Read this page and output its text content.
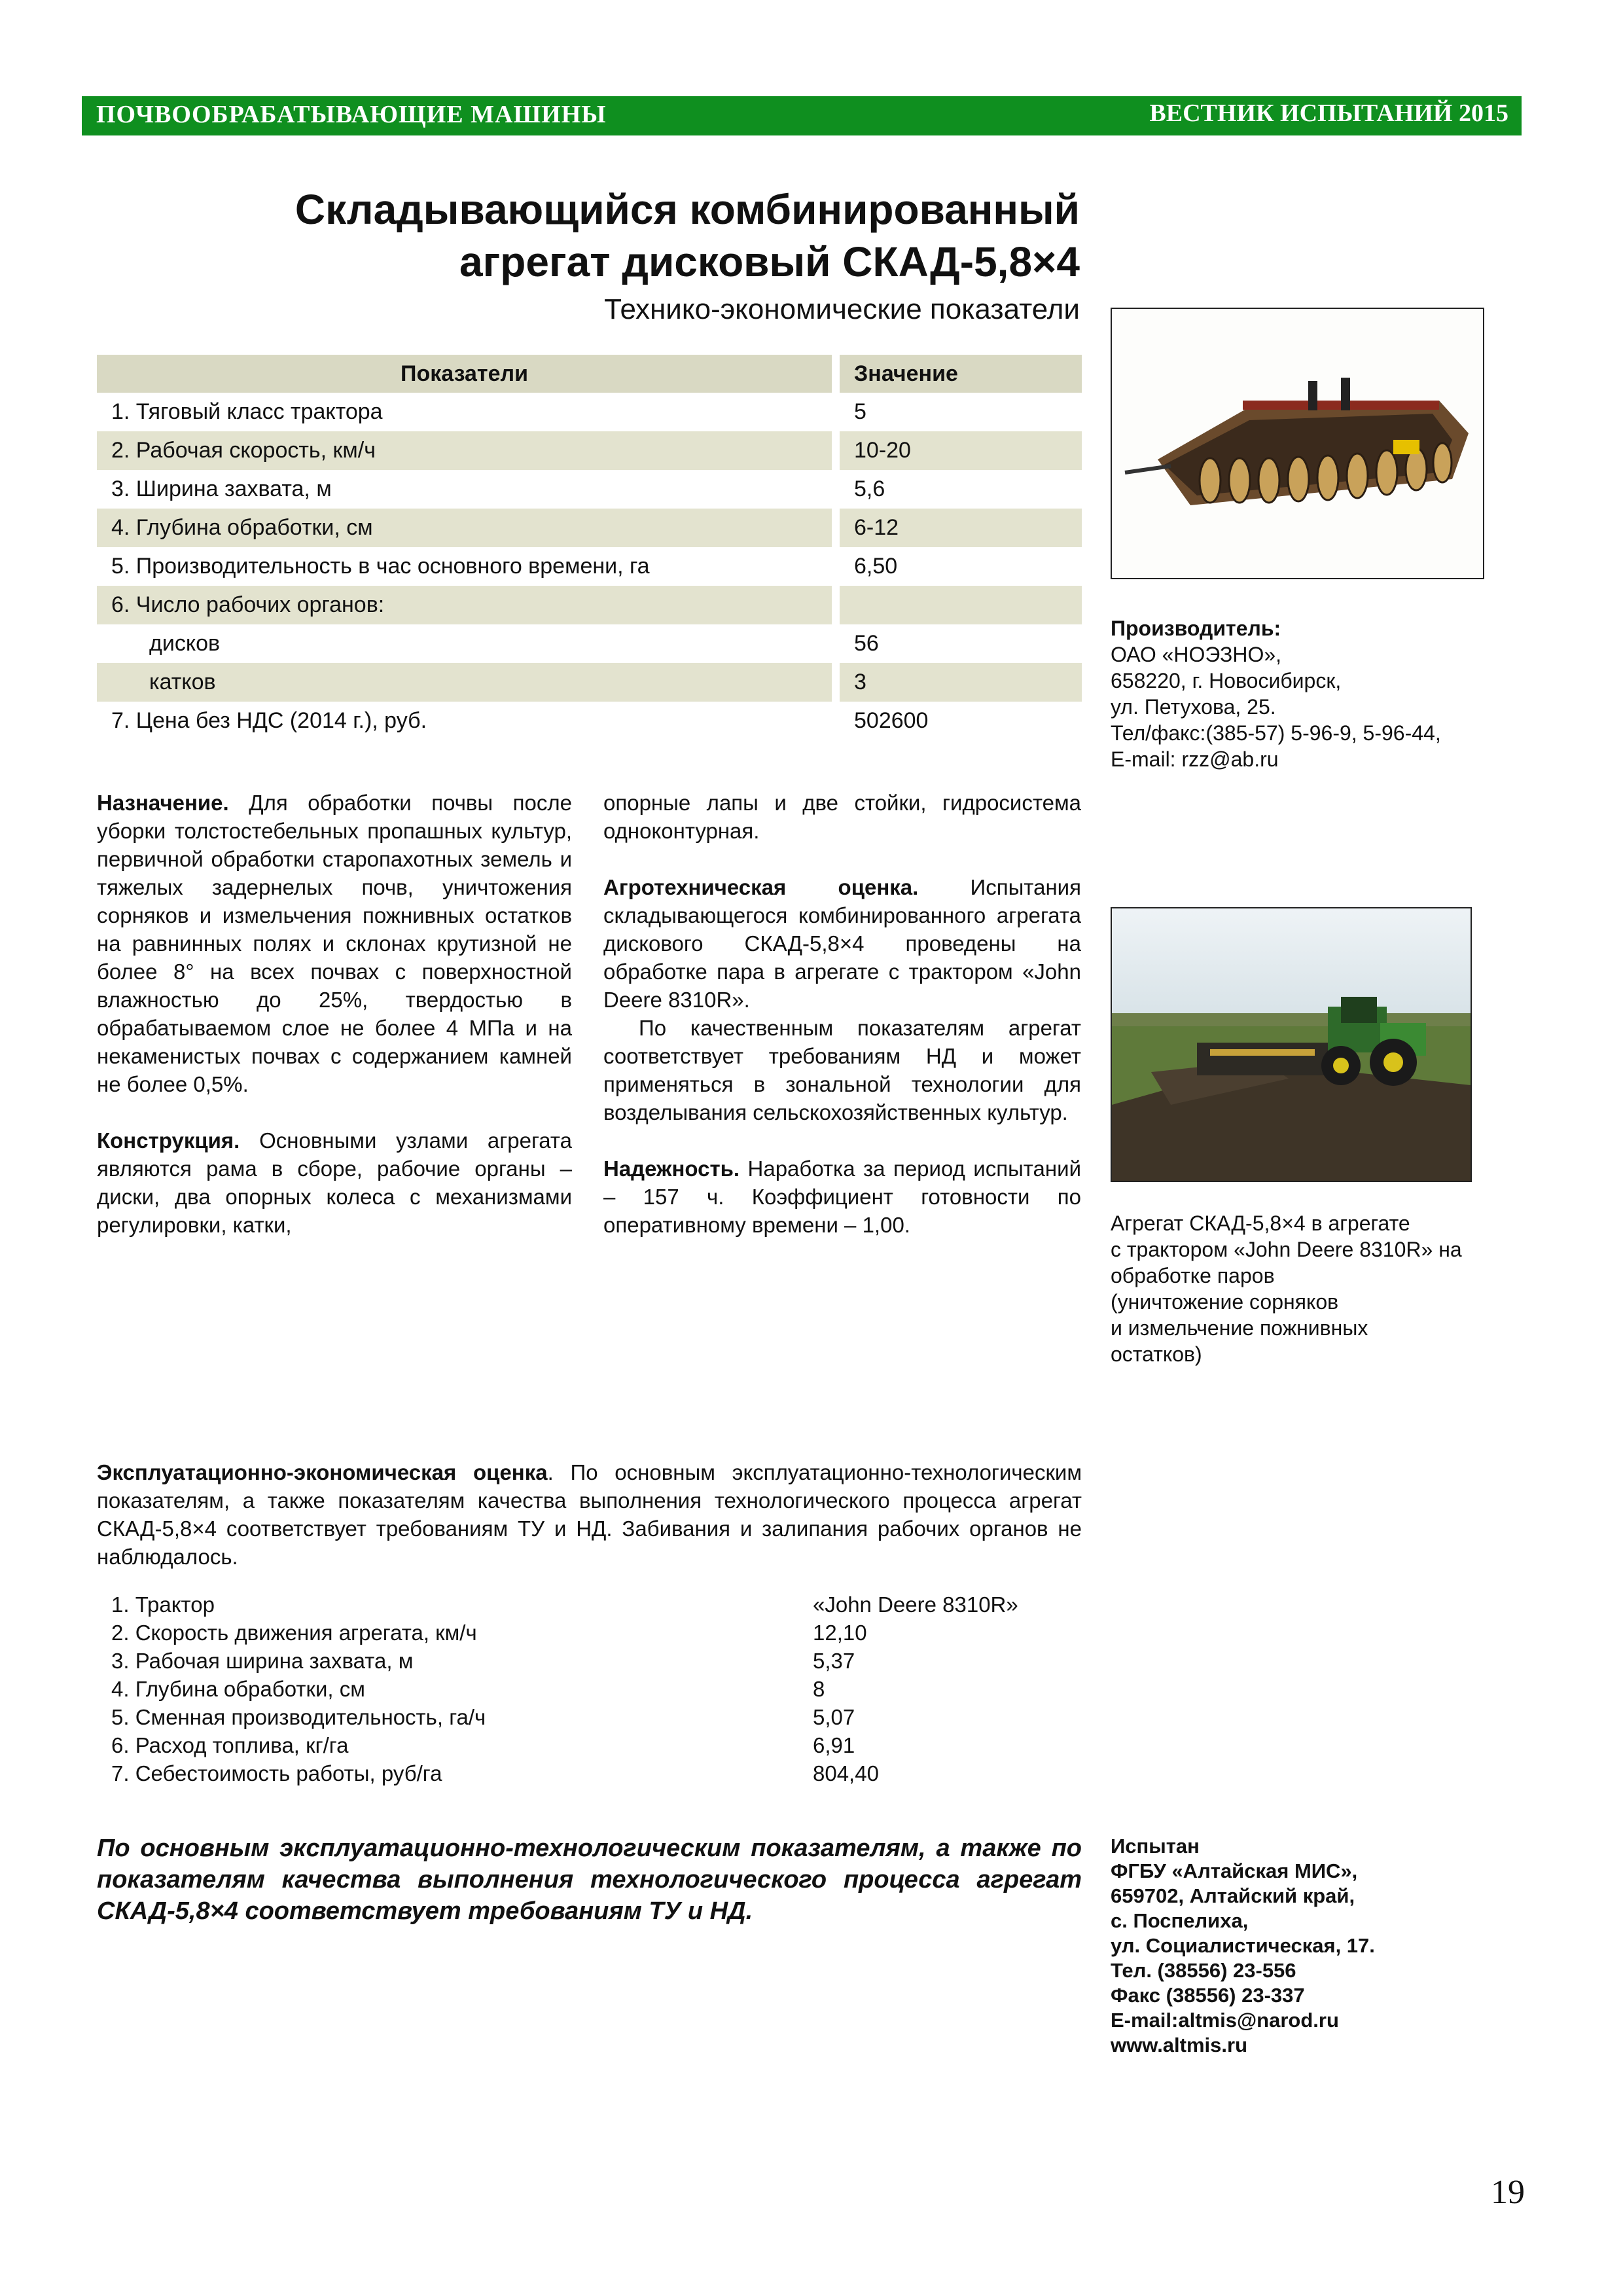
ПОЧВООБРАБАТЫВАЮЩИЕ МАШИНЫ	ВЕСТНИК ИСПЫТАНИЙ 2015
Складывающийся комбинированный
агрегат дисковый СКАД-5,8×4
Технико-экономические показатели
Показатели		Значение
1. Тяговый класс трактора		5
2. Рабочая скорость, км/ч		10-20
3. Ширина захвата, м		5,6
4. Глубина обработки, см		6-12
5. Производительность в час основного времени, га		6,50
6. Число рабочих органов:		
дисков		56
катков		3
7. Цена без НДС (2014 г.), руб.		502600
Производитель:
ОАО «НОЭЗНО»,
658220, г. Новосибирск,
ул. Петухова, 25.
Тел/факс:(385-57) 5-96-9, 5-96-44,
E-mail: rzz@ab.ru

Назначение. Для обработки почвы после уборки толстостебельных пропашных культур, первичной обработки старопахотных земель и тяжелых задернелых почв, уничтожения сорняков и измельчения пожнивных остатков на равнинных полях и склонах крутизной не более 8° на всех почвах с поверхностной влажностью до 25%, твердостью в обрабатываемом слое не более 4 МПа и на некаменистых почвах с содержанием камней не более 0,5%.

Конструкция. Основными узлами агрегата являются рама в сборе, рабочие органы – диски, два опорных колеса с механизмами регулировки, катки,

опорные лапы и две стойки, гидросистема одноконтурная.

Агротехническая оценка. Испытания складывающегося комбинированного агрегата дискового СКАД-5,8×4 проведены на обработке пара в агрегате с трактором «John Deere 8310R».

По качественным показателям агрегат соответствует требованиям НД и может применяться в зональной технологии для возделывания сельскохозяйственных культур.

Надежность. Наработка за период испытаний – 157 ч. Коэффициент готовности по оперативному времени – 1,00.	Агрегат СКАД-5,8×4 в агрегате
с трактором «John Deere 8310R» на
обработке паров
(уничтожение сорняков
и измельчение пожнивных
остатков)
Эксплуатационно-экономическая оценка. По основным эксплуатационно-технологическим показателям, а также показателям качества выполнения технологического процесса агрегат СКАД-5,8×4 соответствует требованиям ТУ и НД. Забивания и залипания рабочих органов не наблюдалось.
1. Трактор	«John Deere 8310R»
2. Скорость движения агрегата, км/ч	12,10
3. Рабочая ширина захвата, м	5,37
4. Глубина обработки, см	8
5. Сменная производительность, га/ч	5,07
6. Расход топлива, кг/га	6,91
7. Себестоимость работы, руб/га	804,40
По основным эксплуатационно-технологическим показателям, а также по показателям качества выполнения технологического процесса агрегат СКАД-5,8×4 соответствует требованиям ТУ и НД.
Испытан
ФГБУ «Алтайская МИС»,
659702, Алтайский край,
с. Поспелиха,
ул. Социалистическая, 17.
Тел. (38556) 23-556
Факс (38556) 23-337
E-mail:altmis@narod.ru
www.altmis.ru
19
